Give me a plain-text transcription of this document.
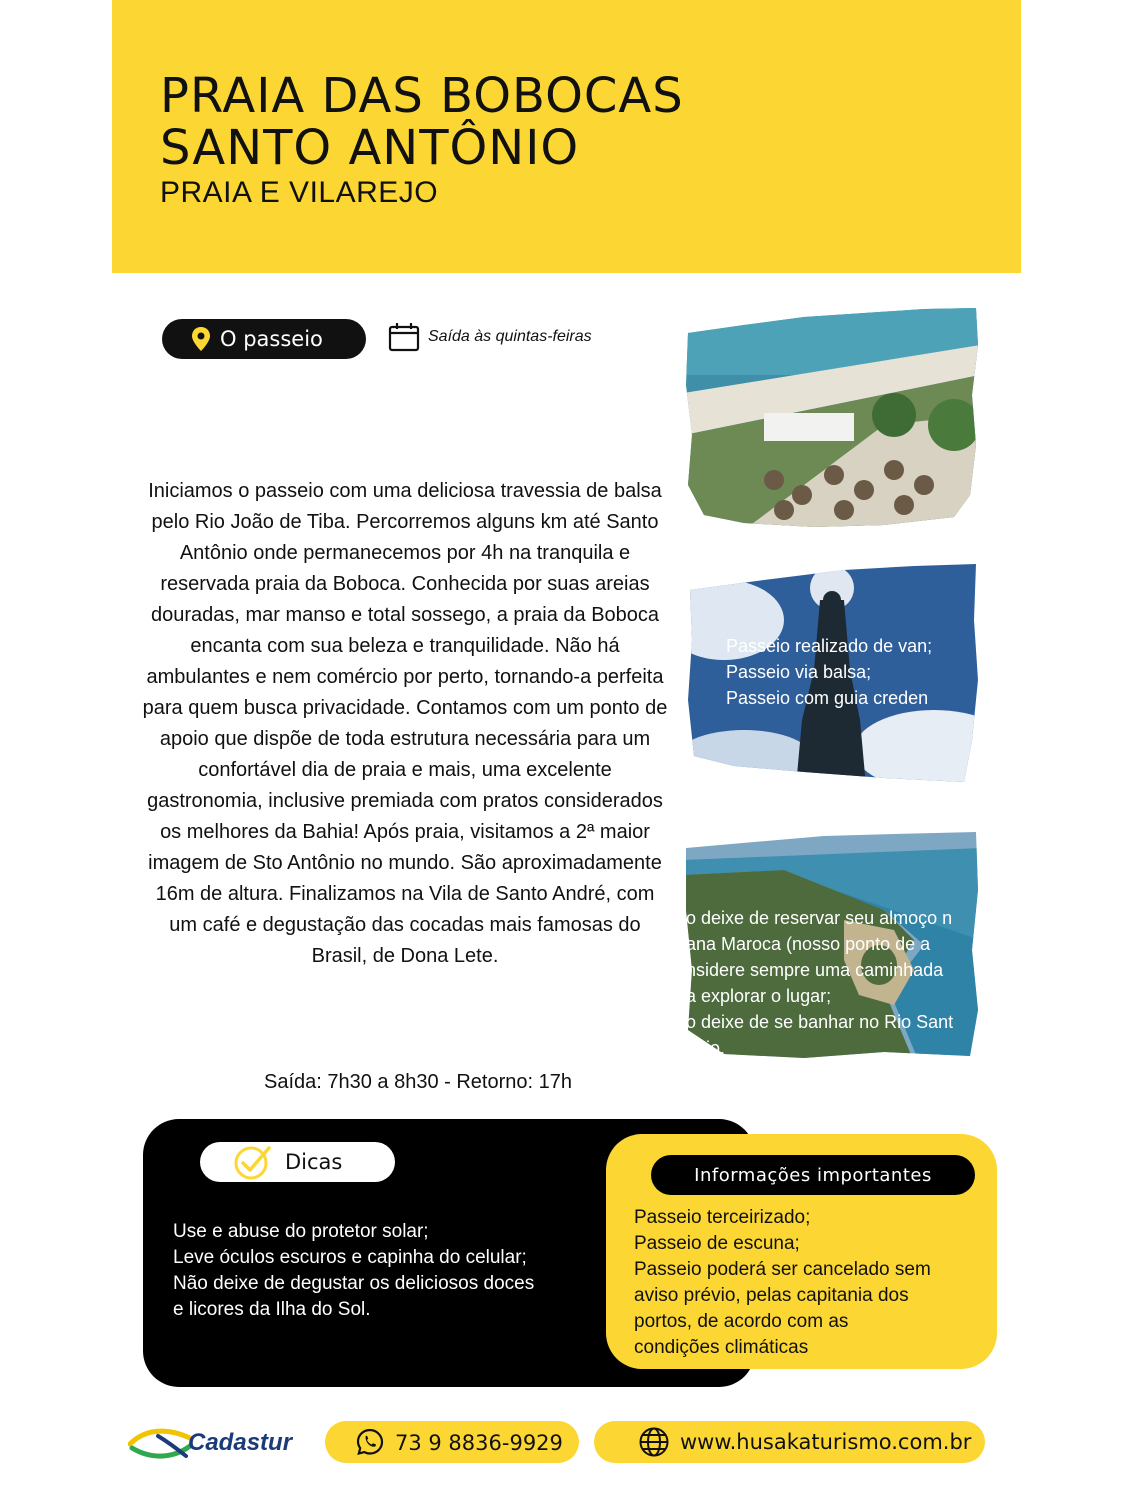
PRAIA DAS BOBOCAS
SANTO ANTÔNIO
PRAIA E VILAREJO
O passeio	Saída às quintas-feiras
Iniciamos o passeio com uma deliciosa travessia de balsa pelo Rio João de Tiba. Percorremos alguns km até Santo Antônio onde permanecemos por 4h na tranquila e reservada praia da Boboca. Conhecida por suas areias douradas, mar manso e total sossego, a praia da Boboca encanta com sua beleza e tranquilidade. Não há ambulantes e nem comércio por perto, tornando-a perfeita para quem busca privacidade. Contamos com um ponto de apoio que dispõe de toda estrutura necessária para um confortável dia de praia e mais, uma excelente gastronomia, inclusive premiada com pratos considerados os melhores da Bahia! Após praia, visitamos a 2ª maior imagem de Sto Antônio no mundo. São aproximadamente 16m de altura. Finalizamos na Vila de Santo André, com um café e degustação das cocadas mais famosas do Brasil, de Dona Lete.
Saída: 7h30 a 8h30 - Retorno: 17h
Passeio realizado de van;
Passeio via balsa;
Passeio com guia creden
o deixe de reservar seu almoço n
ana Maroca (nosso ponto de a
nsidere sempre uma caminhada
a explorar o lugar;
o deixe de se banhar no Rio Sant
onio.
Dicas
Use e abuse do protetor solar;
Leve óculos escuros e capinha do celular;
Não deixe de degustar os deliciosos doces
e licores da Ilha do Sol.
Informações importantes
Passeio terceirizado;
Passeio de escuna;
Passeio poderá ser cancelado sem
aviso prévio, pelas capitania dos
portos, de acordo com as
condições climáticas
Cadastur	73 9 8836-9929	www.husakaturismo.com.br
